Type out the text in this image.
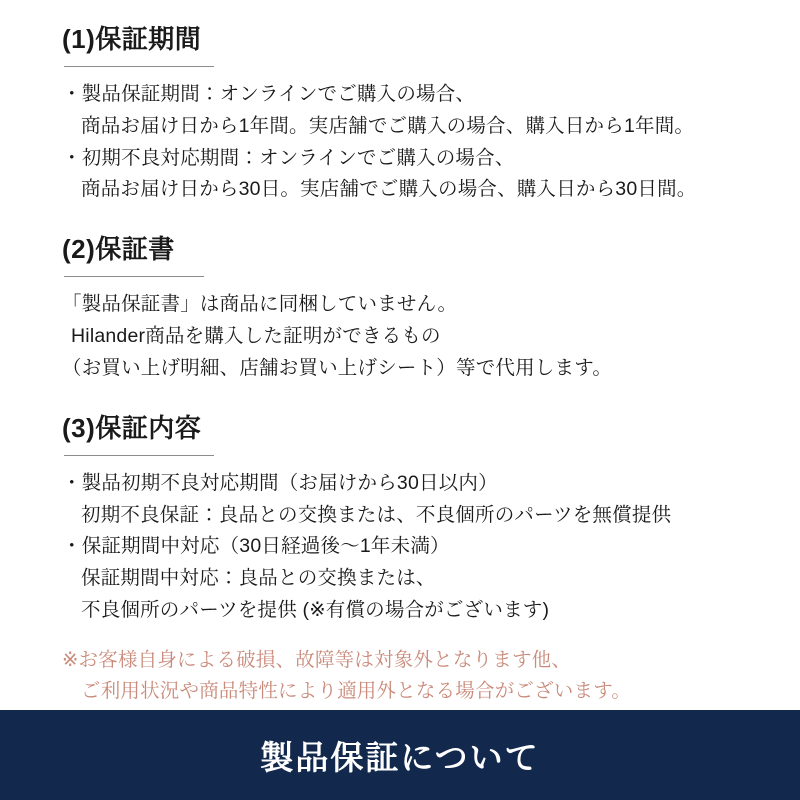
(1)保証期間
・製品保証期間：オンラインでご購入の場合、
商品お届け日から1年間。実店舗でご購入の場合、購入日から1年間。
・初期不良対応期間：オンラインでご購入の場合、
商品お届け日から30日。実店舗でご購入の場合、購入日から30日間。
(2)保証書
「製品保証書」は商品に同梱していません。
Hilander商品を購入した証明ができるもの
（お買い上げ明細、店舗お買い上げシート）等で代用します。
(3)保証内容
・製品初期不良対応期間（お届けから30日以内）
初期不良保証：良品との交換または、不良個所のパーツを無償提供
・保証期間中対応（30日経過後〜1年未満）
保証期間中対応：良品との交換または、
不良個所のパーツを提供 (※有償の場合がございます)
※お客様自身による破損、故障等は対象外となります他、
ご利用状況や商品特性により適用外となる場合がございます。
製品保証について
